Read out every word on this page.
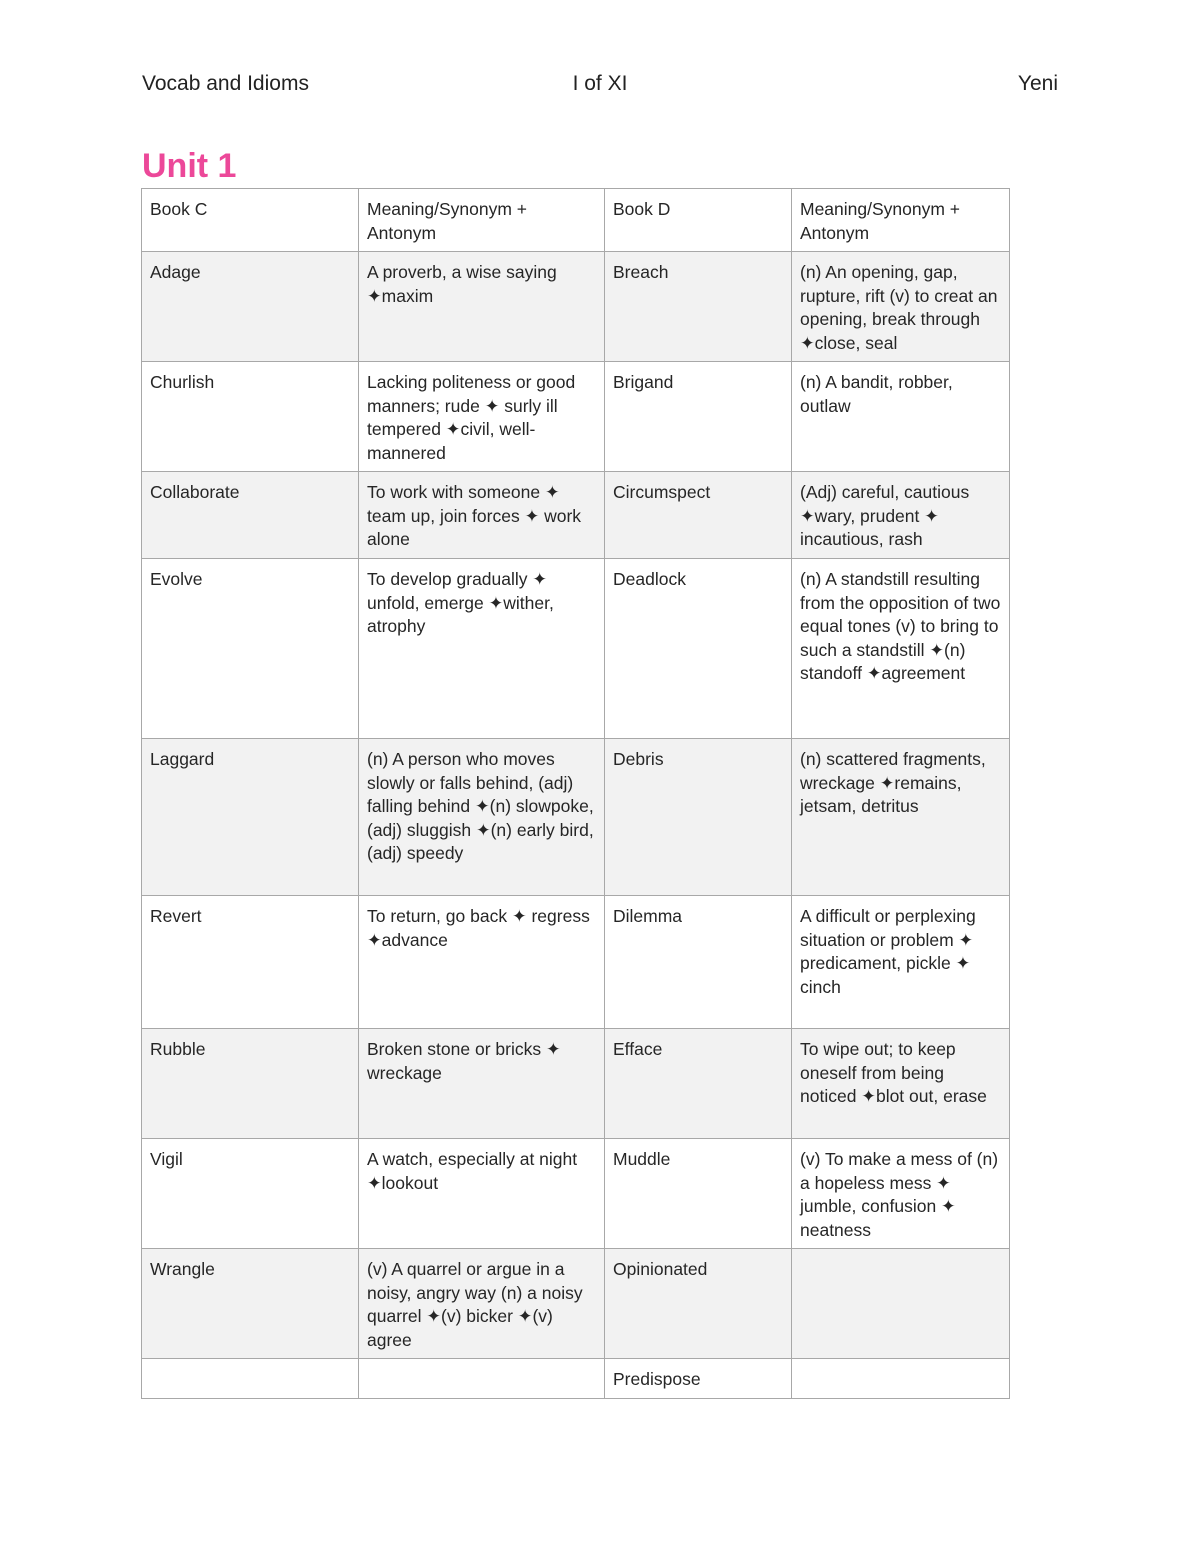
Vocab and Idioms	I of XI	Yeni
Unit 1
Book C	Meaning/Synonym + Antonym	Book D	Meaning/Synonym + Antonym
Adage	A proverb, a wise saying ✦maxim	Breach	(n) An opening, gap, rupture, rift (v) to creat an opening, break through ✦close, seal
Churlish	Lacking politeness or good manners; rude ✦ surly ill tempered ✦civil, well-mannered	Brigand	(n) A bandit, robber, outlaw
Collaborate	To work with someone ✦ team up, join forces ✦ work alone	Circumspect	(Adj) careful, cautious ✦wary, prudent ✦ incautious, rash
Evolve	To develop gradually ✦ unfold, emerge ✦wither, atrophy	Deadlock	(n) A standstill resulting from the opposition of two equal tones (v) to bring to such a standstill ✦(n) standoff ✦agreement
Laggard	(n) A person who moves slowly or falls behind, (adj) falling behind ✦(n) slowpoke, (adj) sluggish ✦(n) early bird, (adj) speedy	Debris	(n) scattered fragments, wreckage ✦remains, jetsam, detritus
Revert	To return, go back ✦ regress ✦advance	Dilemma	A difficult or perplexing situation or problem ✦ predicament, pickle ✦ cinch
Rubble	Broken stone or bricks ✦ wreckage	Efface	To wipe out; to keep oneself from being noticed ✦blot out, erase
Vigil	A watch, especially at night ✦lookout	Muddle	(v) To make a mess of (n) a hopeless mess ✦ jumble, confusion ✦ neatness
Wrangle	(v) A quarrel or argue in a noisy, angry way (n) a noisy quarrel ✦(v) bicker ✦(v) agree	Opinionated	
		Predispose	
